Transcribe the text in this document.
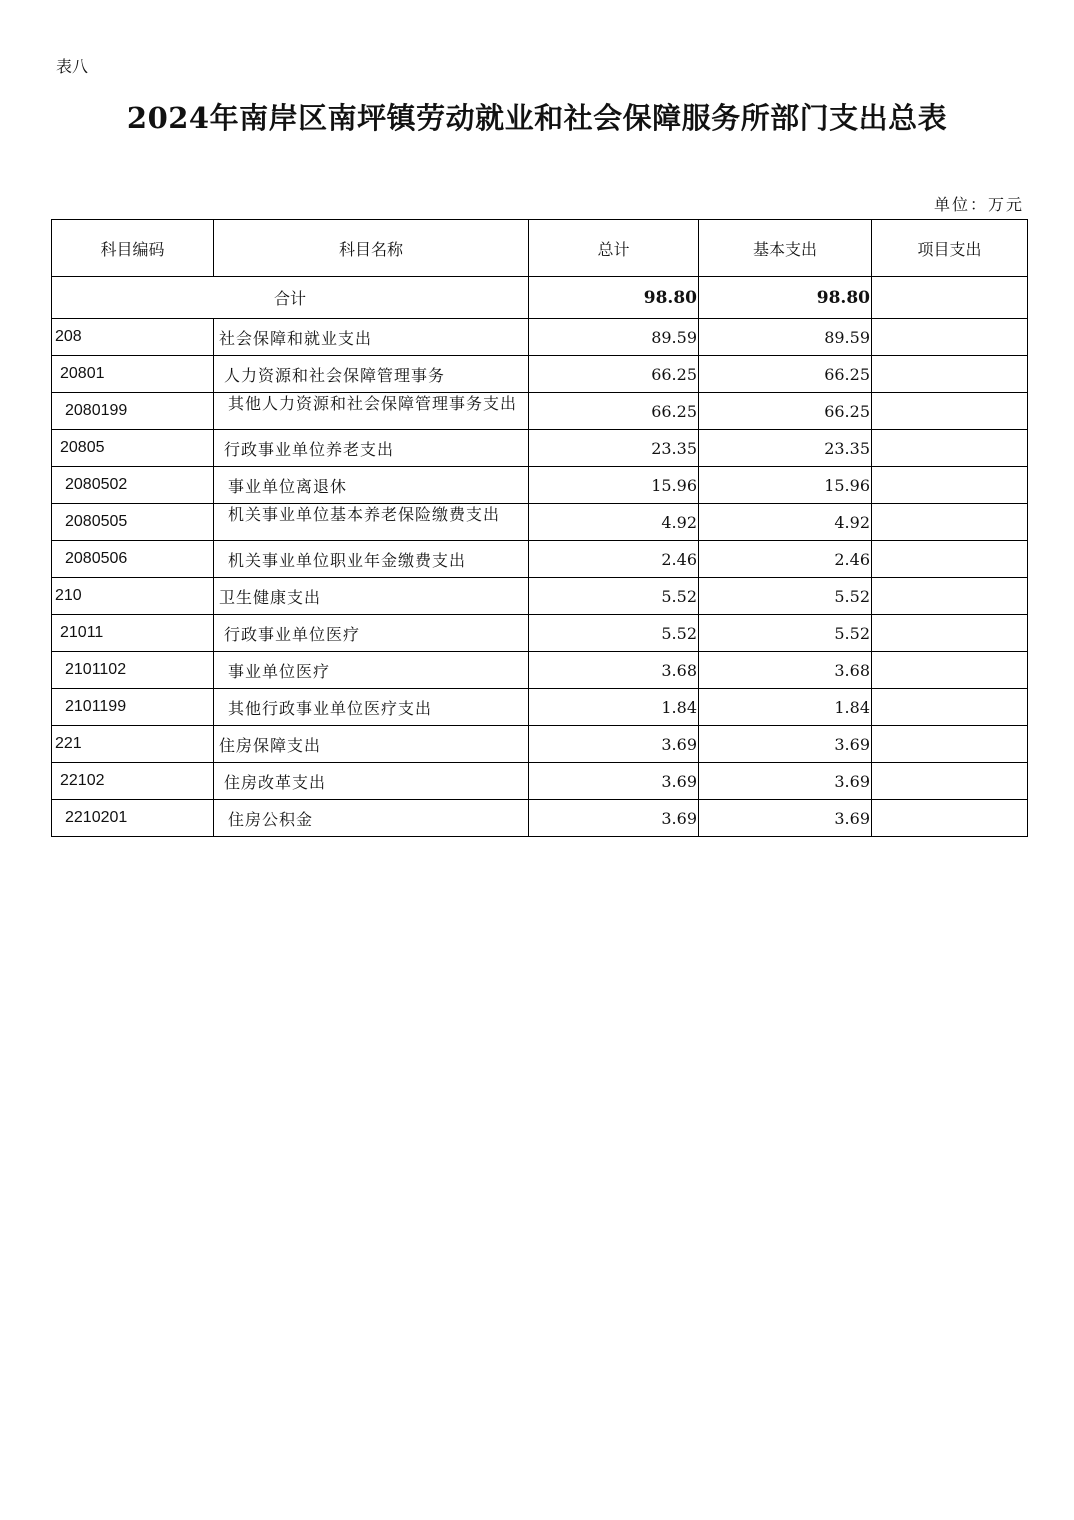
表八
2024年南岸区南坪镇劳动就业和社会保障服务所部门支出总表
单位：万元
科目编码	科目名称	总计	基本支出	项目支出
合计		98.80	98.80	
208	社会保障和就业支出	89.59	89.59	
20801	人力资源和社会保障管理事务	66.25	66.25	
2080199	其他人力资源和社会保障管理事务支出	66.25	66.25	
20805	行政事业单位养老支出	23.35	23.35	
2080502	事业单位离退休	15.96	15.96	
2080505	机关事业单位基本养老保险缴费支出	4.92	4.92	
2080506	机关事业单位职业年金缴费支出	2.46	2.46	
210	卫生健康支出	5.52	5.52	
21011	行政事业单位医疗	5.52	5.52	
2101102	事业单位医疗	3.68	3.68	
2101199	其他行政事业单位医疗支出	1.84	1.84	
221	住房保障支出	3.69	3.69	
22102	住房改革支出	3.69	3.69	
2210201	住房公积金	3.69	3.69	
